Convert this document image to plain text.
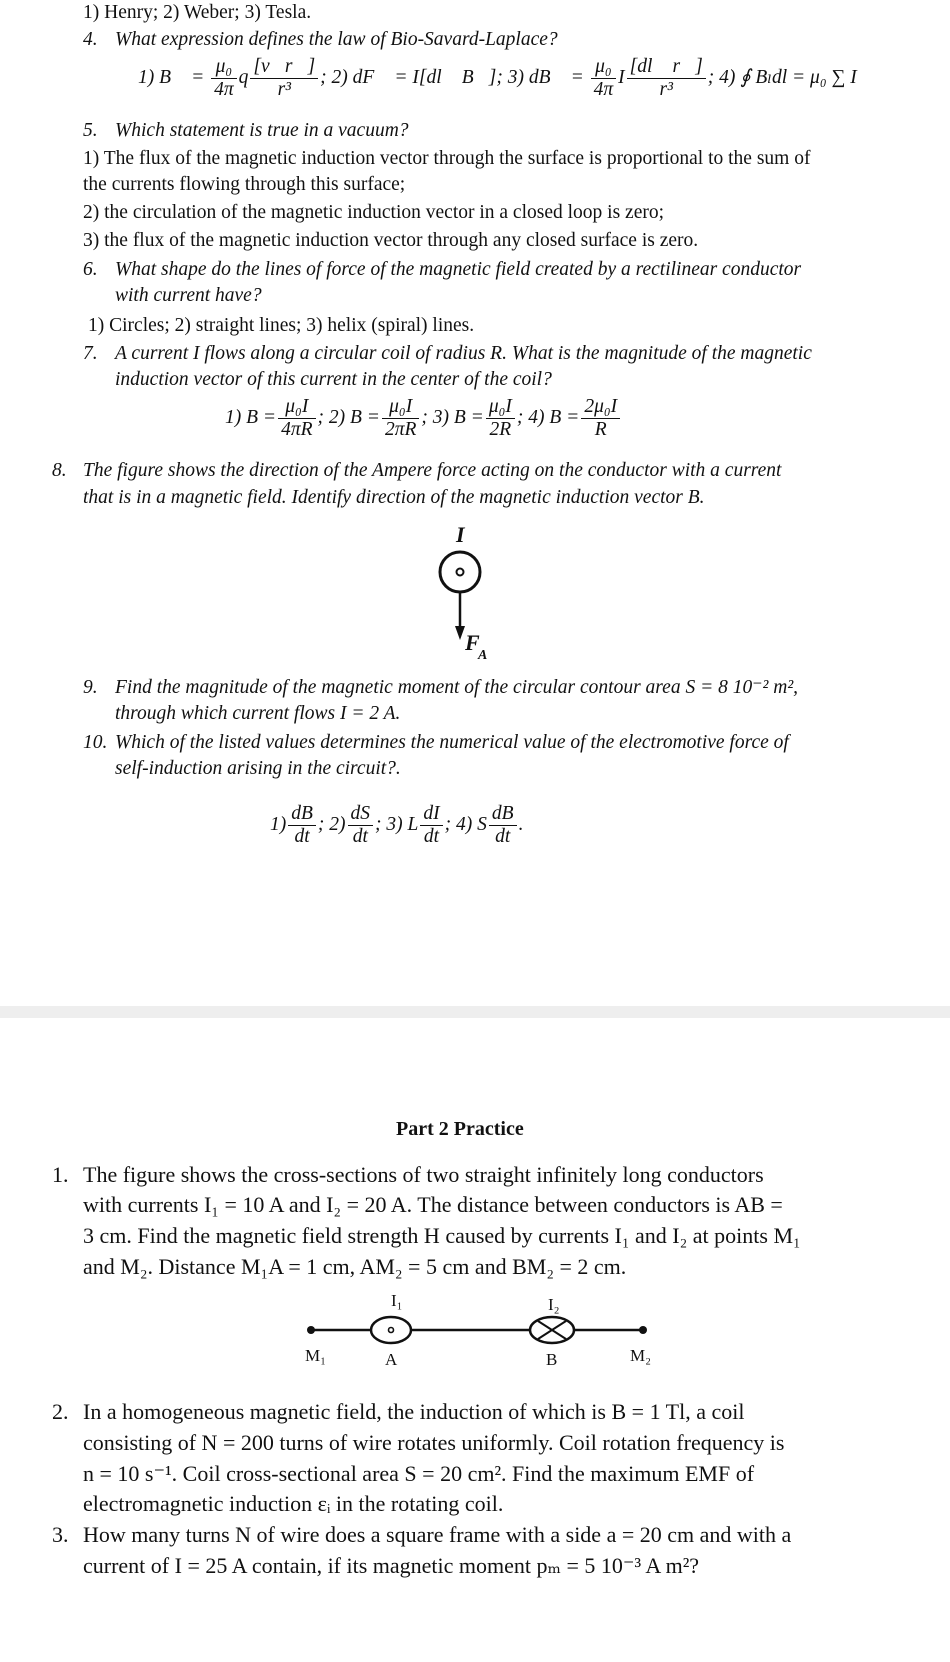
1) Henry; 2) Weber; 3) Tesla.
4. What expression defines the law of Bio-Savard-Laplace?
1) B⃗ = $\frac{\text{μ₀}}{4\pi}$ q $\frac{[v⃗r⃗]}{\text{r³}}$ ; 2) dF⃗ = I[dl⃗ B⃗]; 3) dB⃗ = $\frac{\text{μ₀}}{4\pi}$ I $\frac{[dl⃗ r⃗]}{\text{r³}}$ ; 4) ∮ Bₗdl = μ₀ ∑ I
5. Which statement is true in a vacuum?
1) The flux of the magnetic induction vector through the surface is proportional to the sum of
the currents flowing through this surface;
2) the circulation of the magnetic induction vector in a closed loop is zero;
3) the flux of the magnetic induction vector through any closed surface is zero.
6. What shape do the lines of force of the magnetic field created by a rectilinear conductor
with current have?
1) Circles; 2) straight lines; 3) helix (spiral) lines.
7. A current I flows along a circular coil of radius R. What is the magnitude of the magnetic
induction vector of this current in the center of the coil?
1) $B = \frac{\text{μ₀I}}{4\pi R}$ ; 2) $B = \frac{\text{μ₀I}}{2\pi R}$ ; 3) $B = \frac{\text{μ₀I}}{2R}$ ; 4) $B = \frac{\text{2μ₀I}}{R}$
8. The figure shows the direction of the Ampere force acting on the conductor with a current
that is in a magnetic field. Identify direction of the magnetic induction vector B.
I
F
A
9. Find the magnitude of the magnetic moment of the circular contour area S = 8 10⁻² m²,
through which current flows I = 2 A.
10. Which of the listed values determines the numerical value of the electromotive force of
self-induction arising in the circuit?.
$1) \frac{dB}{dt}$ ; $2) \frac{dS}{dt}$ ; 3) L $\frac{dI}{dt}$ ; 4) S $\frac{dB}{dt}$ .
Part 2 Practice
1. The figure shows the cross-sections of two straight infinitely long conductors
with currents I₁ = 10 A and I₂ = 20 A. The distance between conductors is AB =
3 cm. Find the magnetic field strength H caused by currents I₁ and I₂ at points M₁
and M₂. Distance M₁A = 1 cm, AM₂ = 5 cm and BM₂ = 2 cm.
I₁	I₂
M₁	A	B	M₂
2. In a homogeneous magnetic field, the induction of which is B = 1 Tl, a coil
consisting of N = 200 turns of wire rotates uniformly. Coil rotation frequency is
n = 10 s⁻¹. Coil cross-sectional area S = 20 cm². Find the maximum EMF of
electromagnetic induction εᵢ in the rotating coil.
3. How many turns N of wire does a square frame with a side a = 20 cm and with a
current of I = 25 A contain, if its magnetic moment pₘ = 5 10⁻³ A m²?
